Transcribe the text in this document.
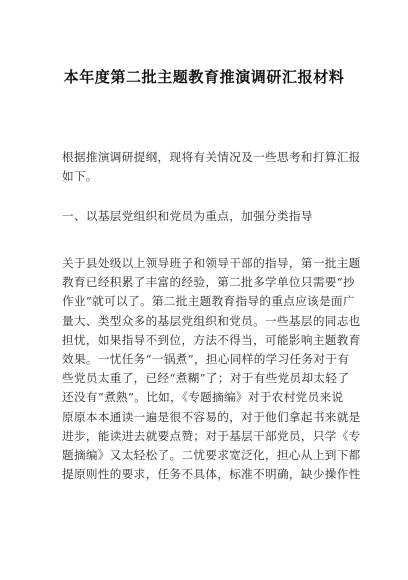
本年度第二批主题教育推演调研汇报材料

根据推演调研提纲，现将有关情况及一些思考和打算汇报
如下。

一、以基层党组织和党员为重点，加强分类指导

关于县处级以上领导班子和领导干部的指导，第一批主题
教育已经积累了丰富的经验，第二批多学单位只需要“抄
作业”就可以了。第二批主题教育指导的重点应该是面广
量大、类型众多的基层党组织和党员。一些基层的同志也
担忧，如果指导不到位，方法不得当，可能影响主题教育
效果。一忧任务“一锅煮”，担心同样的学习任务对于有
些党员太重了，已经“煮糊”了；对于有些党员却太轻了
还没有“煮熟”。比如，《专题摘编》对于农村党员来说
原原本本通读一遍是很不容易的，对于他们拿起书来就是
进步，能读进去就要点赞；对于基层干部党员，只学《专
题摘编》又太轻松了。二忧要求宽泛化，担心从上到下都
提原则性的要求，任务不具体，标准不明确，缺少操作性
